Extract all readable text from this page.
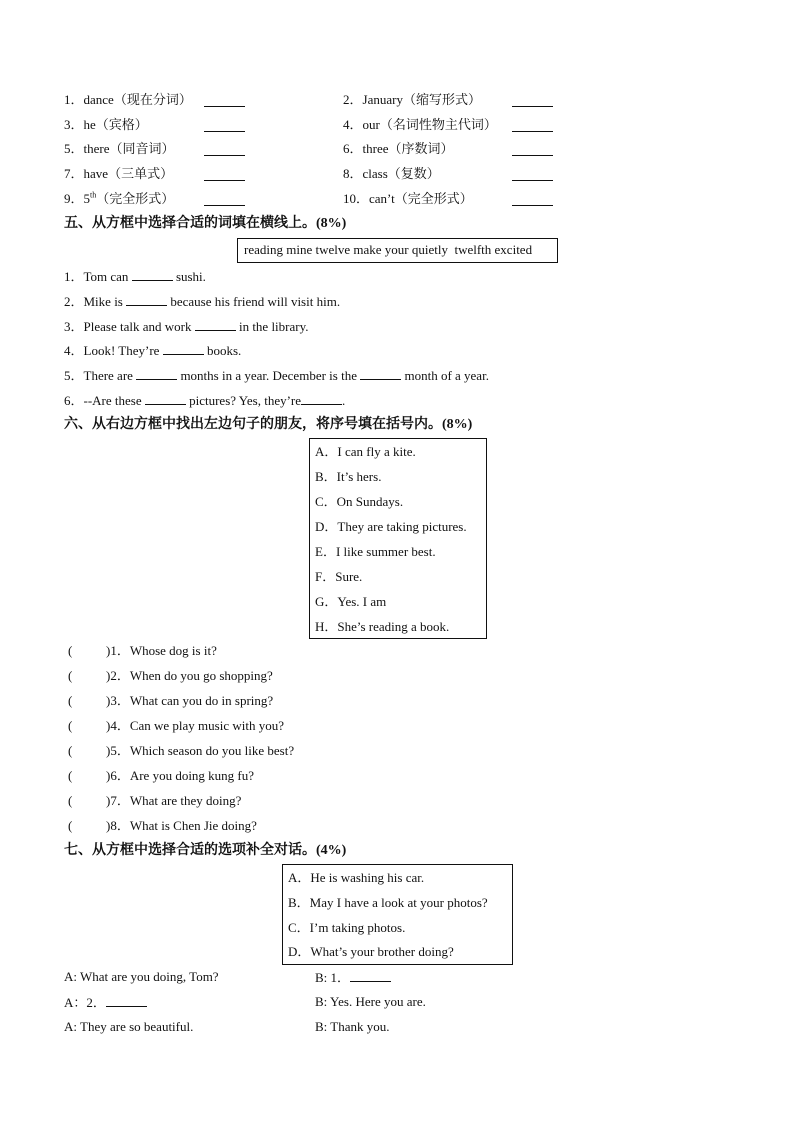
1．dance（现在分词）	2．January（缩写形式）
3．he（宾格）	4．our（名词性物主代词）
5．there（同音词）	6．three（序数词）
7．have（三单式）	8．class（复数）
9．5th（完全形式）	10．can’t（完全形式）
五、从方框中选择合适的词填在横线上。(8%)
reading mine twelve make your quietly  twelfth excited
1．Tom can	sushi.
2．Mike is	because his friend will visit him.
3．Please talk and work	in the library.
4．Look! They’re	books.
5．There are	months in a year. December is the	month of a year.
6．--Are these	pictures? Yes, they’re	.
六、从右边方框中找出左边句子的朋友，将序号填在括号内。(8%)
A．I can fly a kite.
B．It’s hers.
C．On Sundays.
D．They are taking pictures.
E．I like summer best.
F．Sure.
G．Yes. I am
H．She’s reading a book.
(	)1．Whose dog is it?
(	)2．When do you go shopping?
(	)3．What can you do in spring?
(	)4．Can we play music with you?
(	)5．Which season do you like best?
(	)6．Are you doing kung fu?
(	)7．What are they doing?
(	)8．What is Chen Jie doing?
七、从方框中选择合适的选项补全对话。(4%)
A．He is washing his car.
B．May I have a look at your photos?
C．I’m taking photos.
D．What’s your brother doing?
A: What are you doing, Tom?	B: 1．
A：2．	B: Yes. Here you are.
A: They are so beautiful.	B: Thank you.
